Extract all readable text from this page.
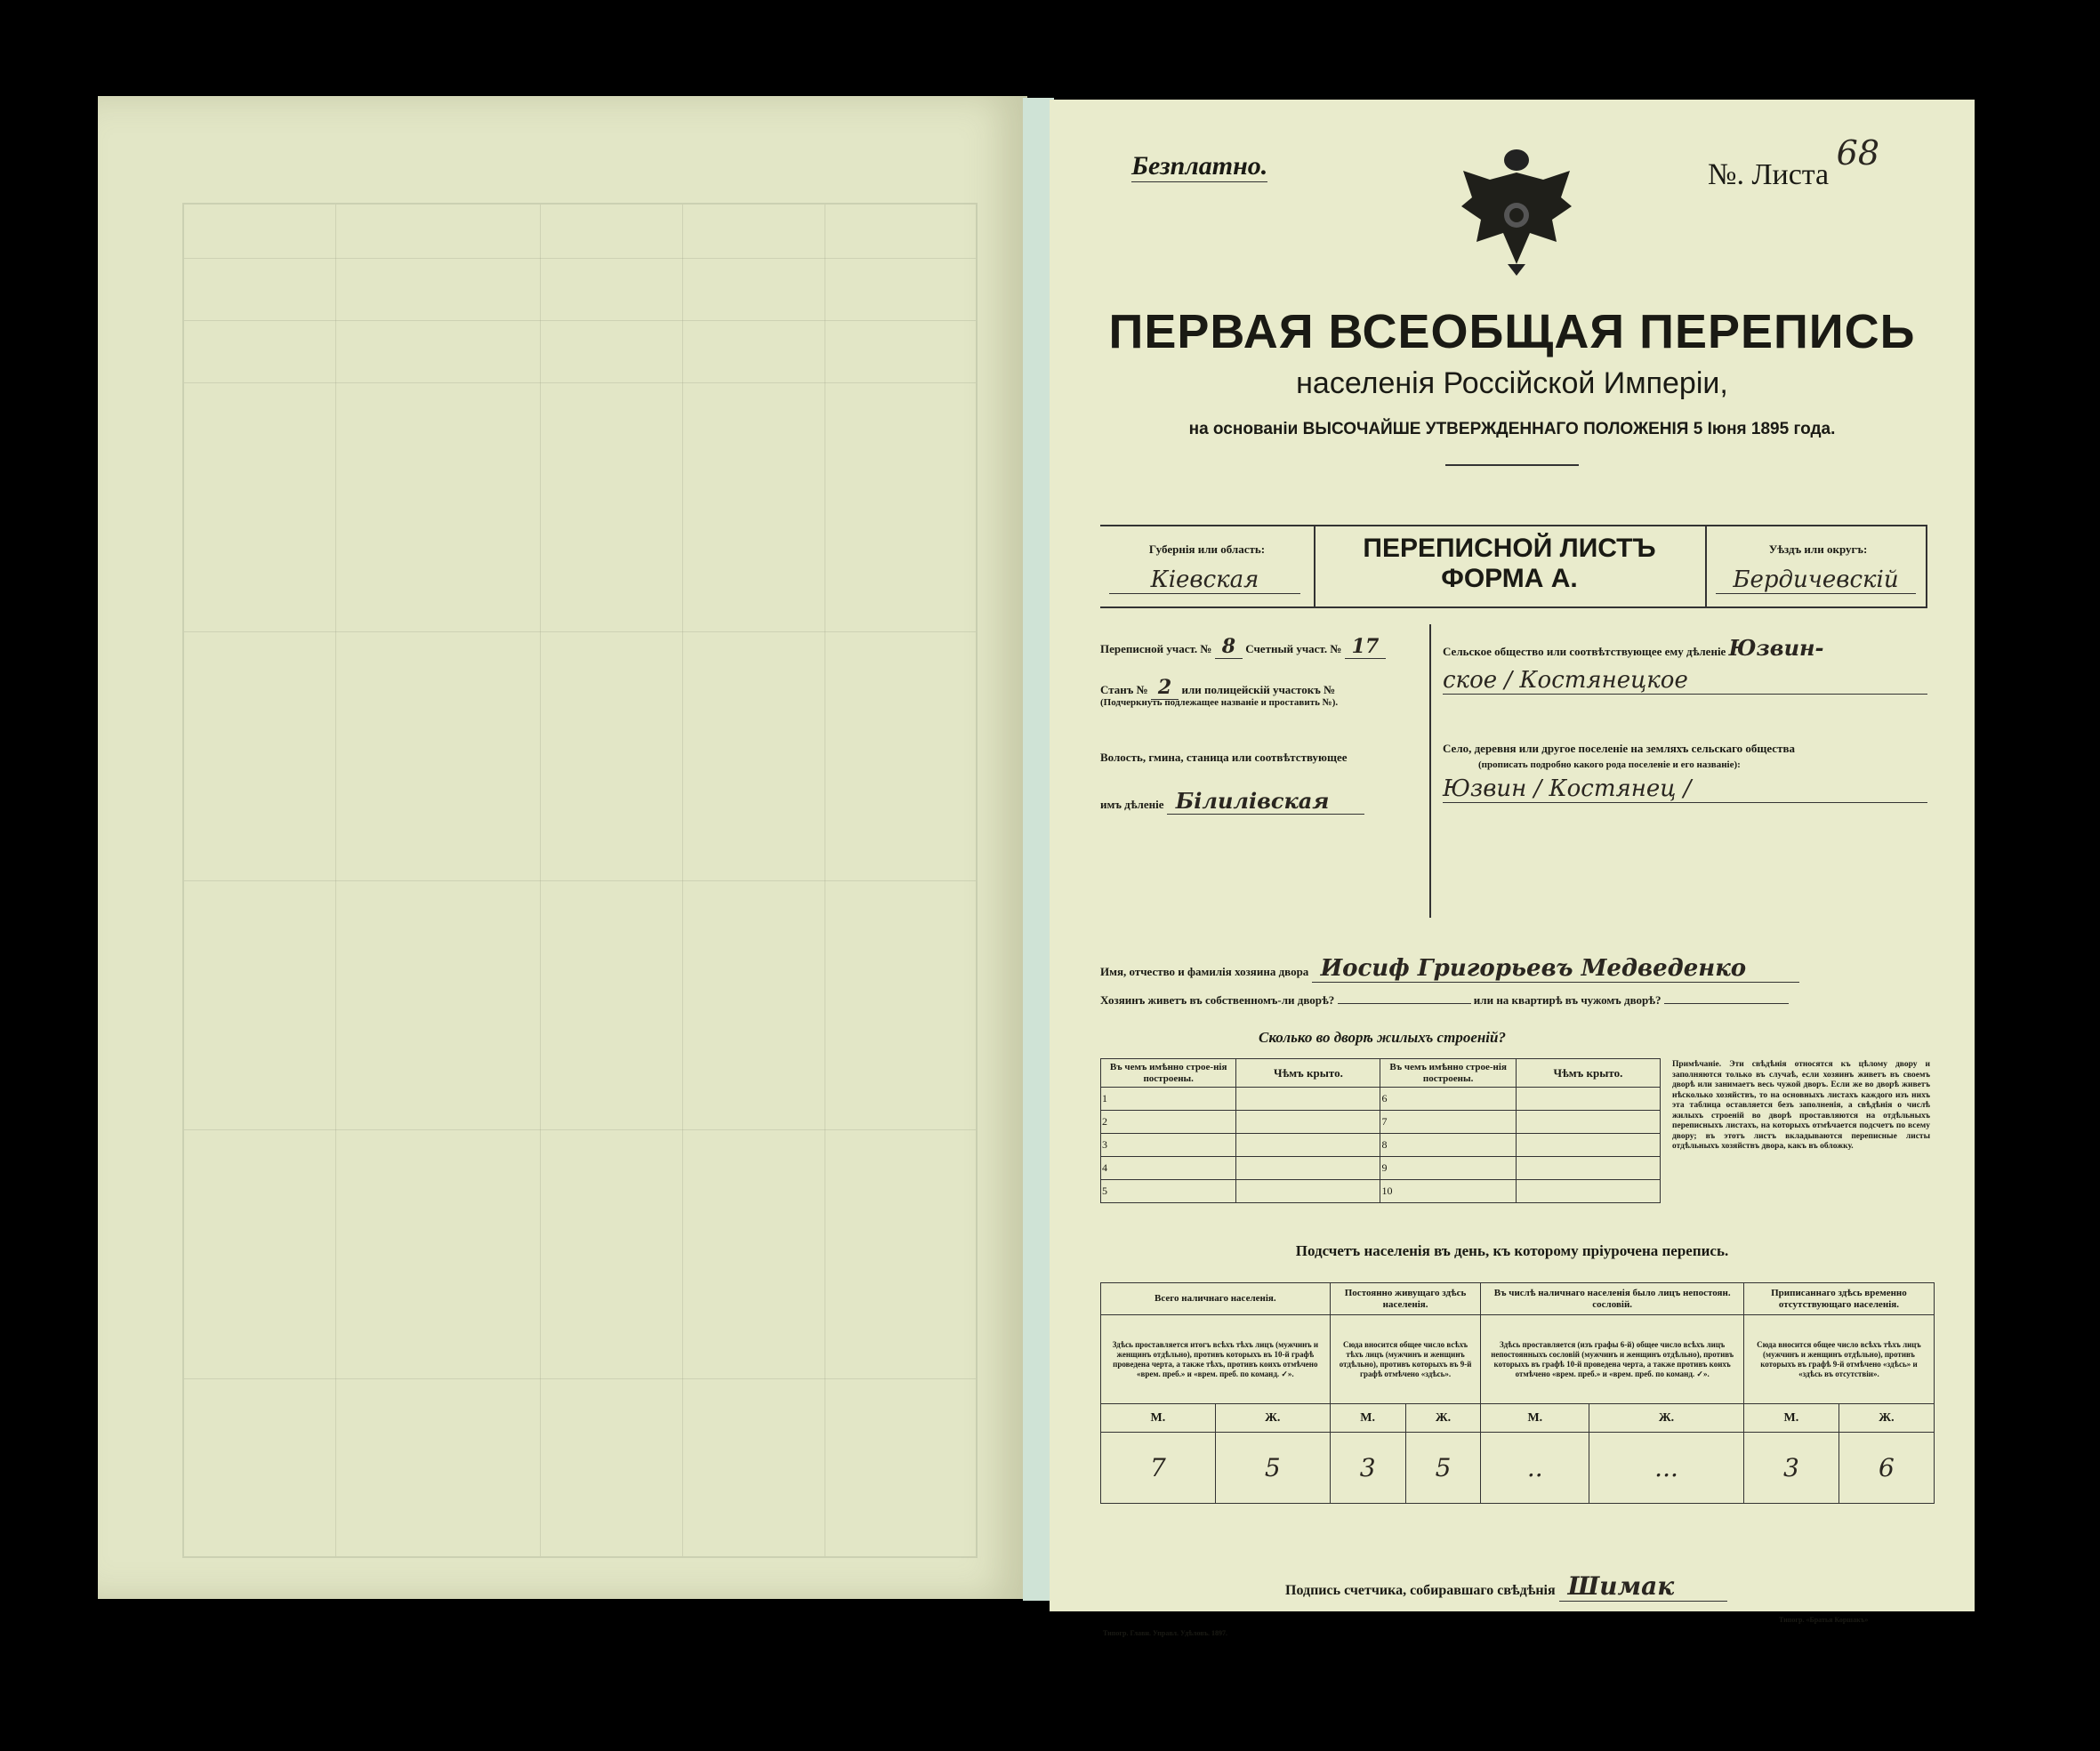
Безплатно.	№. Листа 68
ПЕРВАЯ ВСЕОБЩАЯ ПЕРЕПИСЬ
населенія Россійской Имперіи,
на основаніи ВЫСОЧАЙШЕ УТВЕРЖДЕННАГО ПОЛОЖЕНІЯ 5 Іюня 1895 года.
Губернія или область:
Кіевская
ПЕРЕПИСНОЙ ЛИСТЪ
ФОРМА А.
Уѣздъ или округъ:
Бердичевскій
Переписной участ. № 8 Счетный участ. № 17
Станъ № 2 или полицейскій участокъ №
(Подчеркнуть подлежащее названіе и проставить №).
Волость, гмина, станица или соотвѣтствующее
имъ дѣленіе Білилівская
Сельское общество или соотвѣтствующее ему дѣленіе Юзвин-
ское / Костянецкое
Село, деревня или другое поселеніе на земляхъ сельскаго общества
(прописать подробно какого рода поселеніе и его названіе):
Юзвин / Костянец /
Имя, отчество и фамилія хозяина двора Иосиф Григорьевъ Медведенко
Хозяинъ живетъ въ собственномъ-ли дворѣ?	или на квартирѣ въ чужомъ дворѣ?
Сколько во дворѣ жилыхъ строеній?
Въ чемъ имѣнно строе-нія построены.	Чѣмъ крыто.	Въ чемъ имѣнно строе-нія построены.	Чѣмъ крыто.
1		6	
2		7	
3		8	
4		9	
5		10	
Примѣчаніе. Эти свѣдѣнія относятся къ цѣлому двору и заполняются только въ случаѣ, если хозяинъ живетъ въ своемъ дворѣ или занимаетъ весь чужой дворъ. Если же во дворѣ живетъ нѣсколько хозяйствъ, то на основныхъ листахъ каждого изъ нихъ эта таблица оставляется безъ заполненія, а свѣдѣнія о числѣ жилыхъ строеній во дворѣ проставляются на отдѣльныхъ переписныхъ листахъ, на которыхъ отмѣчается подсчетъ по всему двору; въ этотъ листъ вкладываются переписные листы отдѣльныхъ хозяйствъ двора, какъ въ обложку.
Подсчетъ населенія въ день, къ которому пріурочена перепись.
Всего наличнаго населенія.		Постоянно живущаго здѣсь населенія.		Въ числѣ наличнаго населенія было лицъ непостоян. сословій.		Приписаннаго здѣсь временно отсутствующаго населенія.	
Здѣсь проставляется итогъ всѣхъ тѣхъ лицъ (мужчинъ и женщинъ отдѣльно), противъ которыхъ въ 10-й графѣ проведена черта, а также тѣхъ, противъ коихъ отмѣчено «врем. преб.» и «врем. преб. по команд. ✓».		Сюда вносится общее число всѣхъ тѣхъ лицъ (мужчинъ и женщинъ отдѣльно), противъ которыхъ въ 9-й графѣ отмѣчено «здѣсь».		Здѣсь проставляется (изъ графы 6-й) общее число всѣхъ лицъ непостоянныхъ сословій (мужчинъ и женщинъ отдѣльно), противъ которыхъ въ графѣ 10-й проведена черта, а также противъ коихъ отмѣчено «врем. преб.» и «врем. преб. по команд. ✓».		Сюда вносится общее число всѣхъ тѣхъ лицъ (мужчинъ и женщинъ отдѣльно), противъ которыхъ въ графѣ 9-й отмѣчено «здѣсь» и «здѣсь въ отсутствіи».	
М.	Ж.	М.	Ж.	М.	Ж.	М.	Ж.
7	5	3	5	..	...	3	6
Подпись счетчика, собиравшаго свѣдѣнія Шимак
Типогр. Главн. Управл. Удѣловъ. 1897.
Типогр. «Братья Коршакъ»
